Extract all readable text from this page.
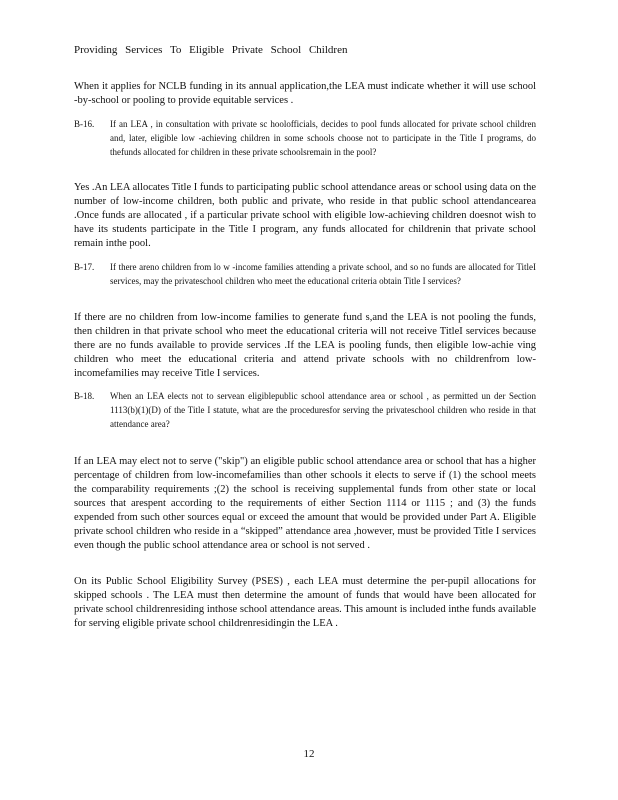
Providing Services To Eligible Private School Children
When it applies for NCLB funding in its annual application,the LEA must indicate whether it will use school -by-school or pooling to provide equitable services .
B-16.	If an LEA , in consultation with private sc hoolofficials, decides to pool funds allocated for private school children and, later, eligible low -achieving children in some schools choose not to participate in the Title I programs, do thefunds allocated for children in these private schoolsremain in the pool?
Yes .An LEA allocates Title I funds to participating public school attendance areas or school using data on the number of low-income children, both public and private, who reside in that public school attendancearea .Once funds are allocated , if a particular private school with eligible low-achieving children doesnot wish to have its students participate in the Title I program, any funds allocated for childrenin that private school remain inthe pool.
B-17.	If there areno children from lo w -income families attending a private school, and so no funds are allocated for TitleI services, may the privateschool children who meet the educational criteria obtain Title I services?
If there are no children from low-income families to generate fund s,and the LEA is not pooling the funds, then children in that private school who meet the educational criteria will not receive TitleI services because there are no funds available to provide services .If the LEA is pooling funds, then eligible low-achie ving children who meet the educational criteria and attend private schools with no childrenfrom low-incomefamilies may receive Title I services.
B-18.	When an LEA elects not to servean eligiblepublic school attendance area or school , as permitted un der Section 1113(b)(1)(D) of the Title I statute, what are the proceduresfor serving the privateschool children who reside in that attendance area?
If an LEA may elect not to serve ("skip") an eligible public school attendance area or school that has a higher percentage of children from low-incomefamilies than other schools it elects to serve if (1) the school meets the comparability requirements ;(2) the school is receiving supplemental funds from other state or local sources that arespent according to the requirements of either Section 1114 or 1115 ; and (3) the funds expended from such other sources equal or exceed the amount that would be provided under Part A. Eligible private school children who reside in a “skipped” attendance area ,however, must be provided Title I services even though the public school attendance area or school is not served .
On its Public School Eligibility Survey (PSES) , each LEA must determine the per-pupil allocations for skipped schools . The LEA must then determine the amount of funds that would have been allocated for private school childrenresiding inthose school attendance areas. This amount is included inthe funds available for serving eligible private school childrenresidingin the LEA .
12
